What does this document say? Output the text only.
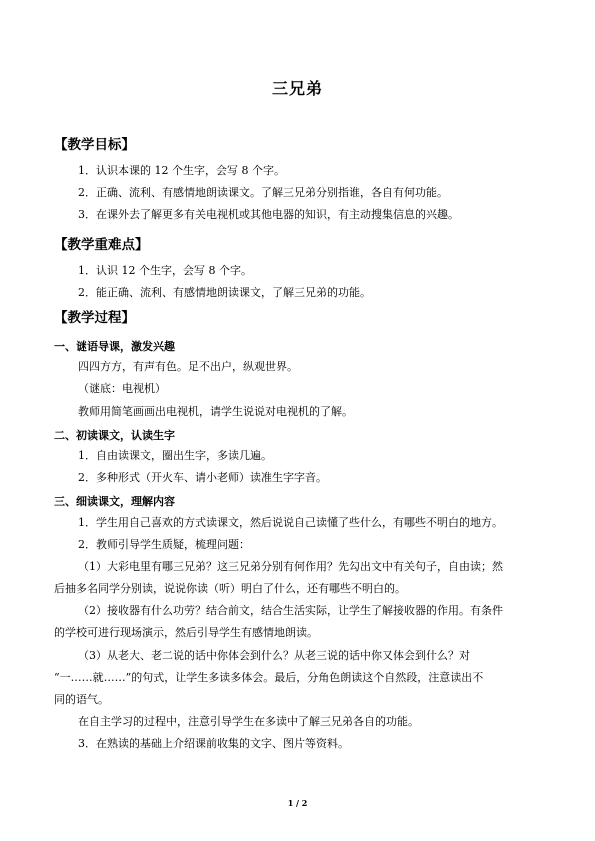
三兄弟
【教学目标】
1．认识本课的 12 个生字，会写 8 个字。
2．正确、流利、有感情地朗读课文。了解三兄弟分别指谁，各自有何功能。
3．在课外去了解更多有关电视机或其他电器的知识，有主动搜集信息的兴趣。
【教学重难点】
1．认识 12 个生字，会写 8 个字。
2．能正确、流利、有感情地朗读课文，了解三兄弟的功能。
【教学过程】
一、谜语导课，激发兴趣
四四方方，有声有色。足不出户，纵观世界。
（谜底：电视机）
教师用简笔画画出电视机，请学生说说对电视机的了解。
二、初读课文，认读生字
1．自由读课文，圈出生字，多读几遍。
2．多种形式（开火车、请小老师）读准生字字音。
三、细读课文，理解内容
1．学生用自己喜欢的方式读课文，然后说说自己读懂了些什么，有哪些不明白的地方。
2．教师引导学生质疑，梳理问题：
（1）大彩电里有哪三兄弟？这三兄弟分别有何作用？先勾出文中有关句子，自由读；然
后抽多名同学分别读，说说你读（听）明白了什么，还有哪些不明白的。
（2）接收器有什么功劳？结合前文，结合生活实际，让学生了解接收器的作用。有条件
的学校可进行现场演示，然后引导学生有感情地朗读。
（3）从老大、老二说的话中你体会到什么？从老三说的话中你又体会到什么？对
“一……就……”的句式，让学生多读多体会。最后，分角色朗读这个自然段，注意读出不
同的语气。
在自主学习的过程中，注意引导学生在多读中了解三兄弟各自的功能。
3．在熟读的基础上介绍课前收集的文字、图片等资料。
1 / 2
